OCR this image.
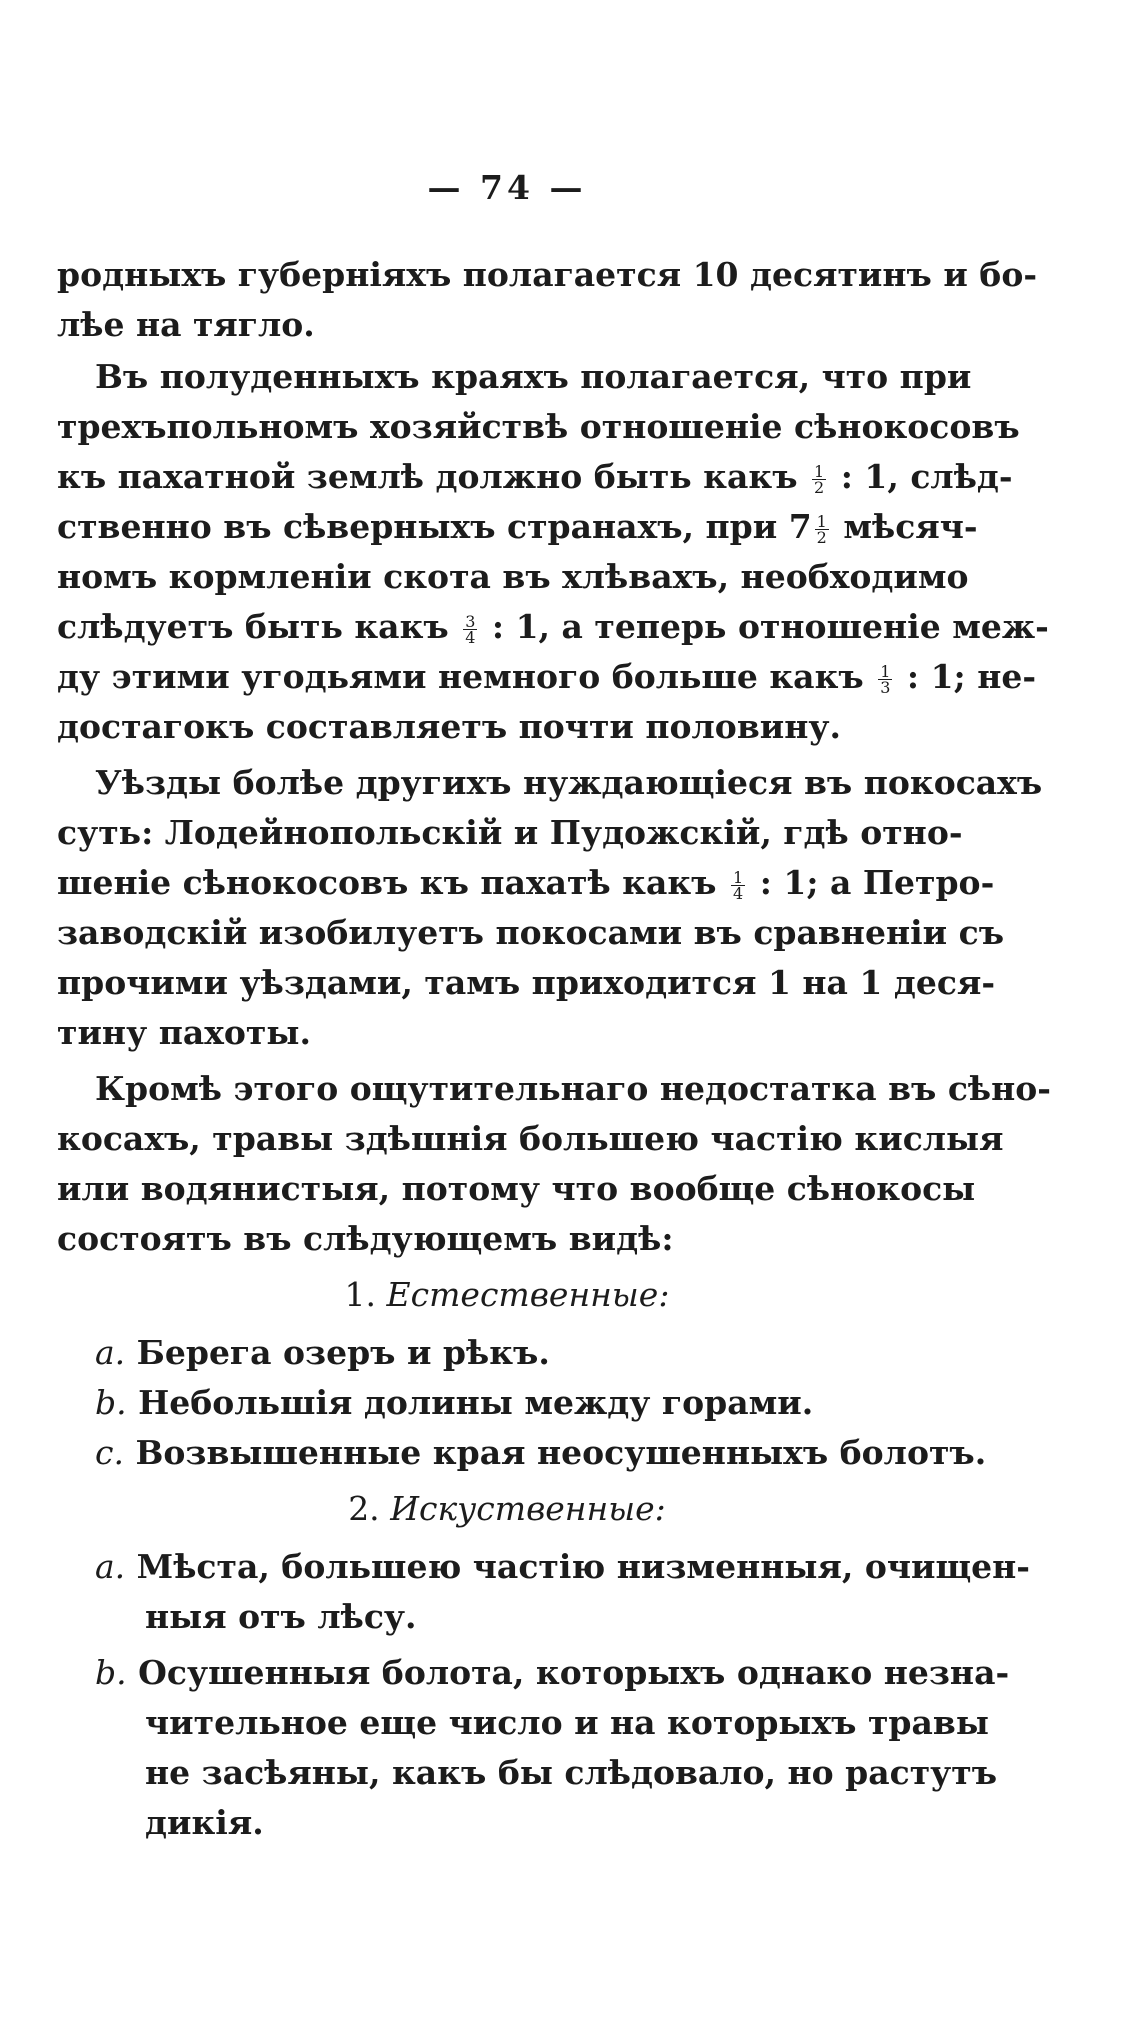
— 74 —
родныхъ губерніяхъ полагается 10 десятинъ и бо-
лѣе на тягло.
Въ полуденныхъ краяхъ полагается, что при
трехъпольномъ хозяйствѣ отношеніе сѣнокосовъ
къ пахатной землѣ должно быть какъ $\frac{1}{2}$ : 1, слѣд-
ственно въ сѣверныхъ странахъ, при $7 \frac{1}{2}$ мѣсяч-
номъ кормленіи скота въ хлѣвахъ, необходимо
слѣдуетъ быть какъ $\frac{3}{4}$ : 1, а теперь отношеніе меж-
ду этими угодьями немного больше какъ $\frac{1}{3}$ : 1; не-
достагокъ составляетъ почти половину.
Уѣзды болѣе другихъ нуждающіеся въ покосахъ
суть: Лодейнопольскій и Пудожскій, гдѣ отно-
шеніе сѣнокосовъ къ пахатѣ какъ $\frac{1}{4}$ : 1; а Петро-
заводскій изобилуетъ покосами въ сравненіи съ
прочими уѣздами, тамъ приходится 1 на 1 деся-
тину пахоты.
Кромѣ этого ощутительнаго недостатка въ сѣно-
косахъ, травы здѣшнія большею частію кислыя
или водянистыя, потому что вообще сѣнокосы
состоятъ въ слѣдующемъ видѣ:
1. Естественные:
a. Берега озеръ и рѣкъ.
b. Небольшія долины между горами.
c. Возвышенные края неосушенныхъ болотъ.
2. Искуственные:
a. Мѣста, большею частію низменныя, очищен-
ныя отъ лѣсу.
b. Осушенныя болота, которыхъ однако незна-
чительное еще число и на которыхъ травы
не засѣяны, какъ бы слѣдовало, но растутъ
дикія.
